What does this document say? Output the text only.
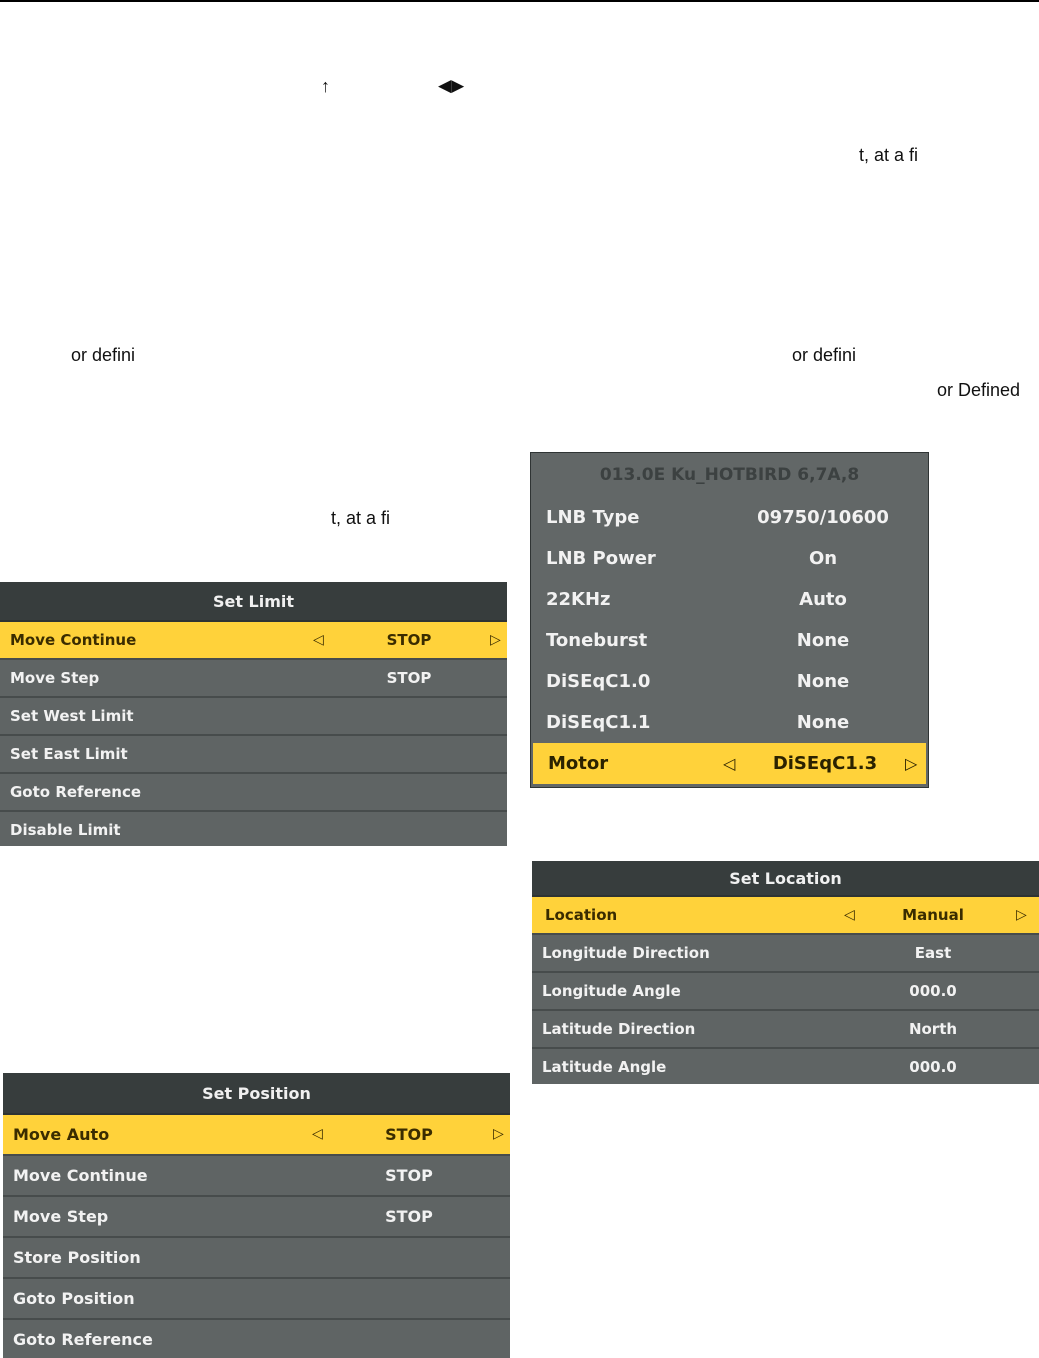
↑	◀▶
t, at a fi
or defini	or defini
or Defined
t, at a fi
Set Limit
Move Continue	◁	STOP	▷
Move Step	STOP
Set West Limit
Set East Limit
Goto Reference
Disable Limit
Set Position
Move Auto	◁	STOP	▷
Move Continue	STOP
Move Step	STOP
Store Position
Goto Position
Goto Reference
013.0E Ku_HOTBIRD 6,7A,8
LNB Type	09750/10600
LNB Power	On
22KHz	Auto
Toneburst	None
DiSEqC1.0	None
DiSEqC1.1	None
Motor	◁ DiSEqC1.3 ▷
Set Location
Location	◁	Manual	▷
Longitude Direction	East
Longitude Angle	000.0
Latitude Direction	North
Latitude Angle	000.0
